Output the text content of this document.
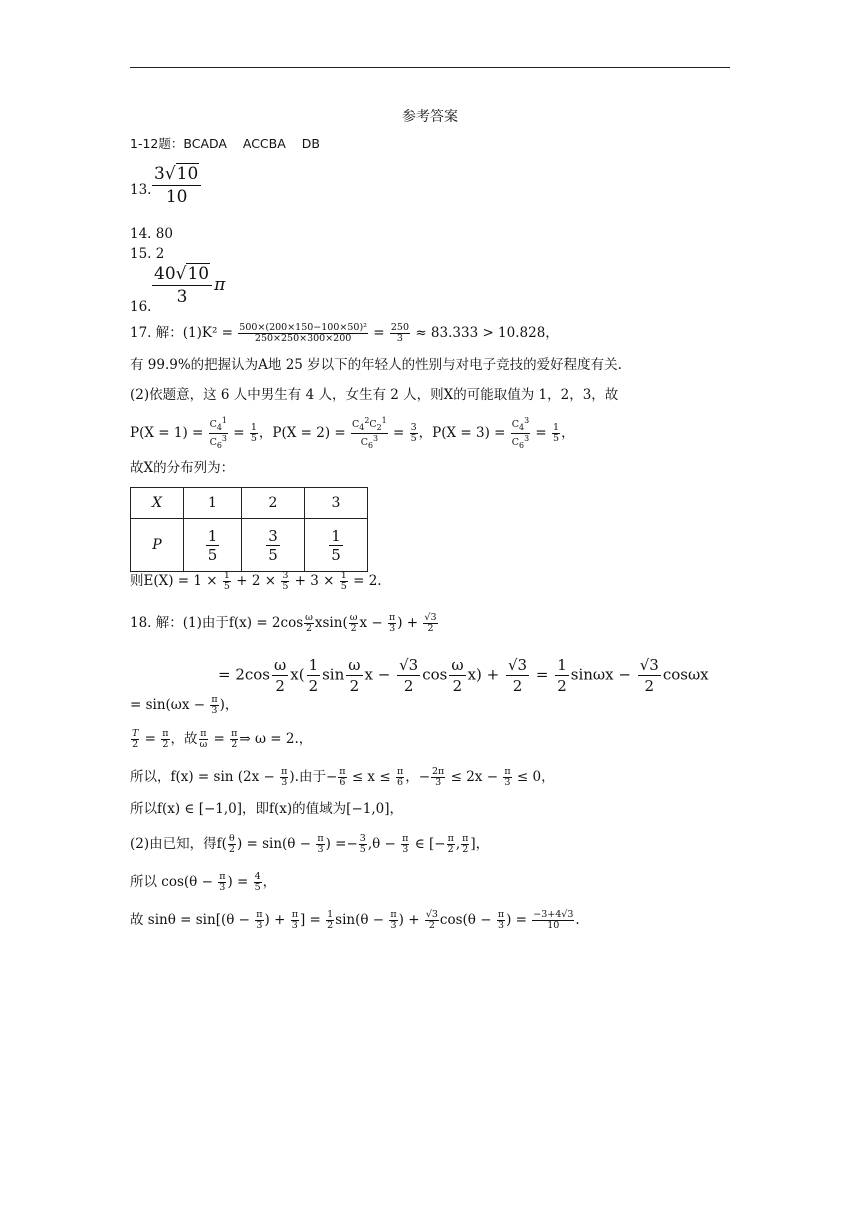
参考答案
1-12题：BCADA ACCBA DB
13. $\frac{3√10}{10}$
14. 80
15. 2
$\frac{40√10}{3}$ π
16.
17. 解：$(1)K^2 = \frac{\text{500×(200×150−100×50)²}}{250\times 250\times 300\times 200} = \frac{250}{3} \approx 83.333 > 10.828$，
有 99.9%的把握认为A地 25 岁以下的年轻人的性别与对电子竞技的爱好程度有关.
(2)依题意，这 6 人中男生有 4 人，女生有 2 人，则X的可能取值为 1，2，3，故
$P(X = 1) = \frac{C_4^1}{C_6^3} = \frac{1}{5}$ ，$P(X = 2) = \frac{C_4^2C_2^1}{C_6^3} = \frac{3}{5}$ ，$P(X = 3) = \frac{C_4^3}{C_6^3} = \frac{1}{5}$ ，
故X的分布列为：
X	1	2	3
P	$\frac{1}{5}$	$\frac{3}{5}$	$\frac{1}{5}$
则$E(X) = 1 \times \frac{1}{5} + 2 \times \frac{3}{5} + 3 \times \frac{1}{5} = 2$.
18. 解：(1)由于$f(x) = 2\cos \frac{\omega}{2} xsin( \frac{\omega}{2}$ $x - \frac{\pi}{3}$ ) + $\frac{√3}{2}$
= $2\cos \frac{\omega}{2} x( \frac{1}{2}$ $\sin \frac{\omega}{2}$ $x - \frac{√3}{2}$ $\cos \frac{\omega}{2} x) + \frac{√3}{2} = \frac{1}{2}$ $\sin\omega x - \frac{√3}{2}$ cosωx
= $\sin(\omega x - \frac{\pi}{3}$ )，
$\frac{T}{2} = \frac{\pi}{2}$ ，故 $\frac{\pi}{\omega} = \frac{\pi}{2}$ ⇒ ω = 2.，
所以，$f(x) = \sin (2x - \frac{\pi}{3}$ ).由于− $\frac{\pi}{6} \le x \le \frac{\pi}{6}$ ，− $\frac{2\pi}{3} \le 2x - \frac{\pi}{3} \le 0$，
所以f(x) ∈ [−1,0]，即f(x)的值域为[−1,0]，
(2)由已知，得$f( \frac{\theta}{2}$ ) = $\sin(\theta - \frac{\pi}{3}$ ) =− $\frac{3}{5} ,\theta - \frac{\pi}{3}$ ∈ [− $\frac{\pi}{2}$ , $\frac{\pi}{2}$ ]，
所以 $\cos(\theta - \frac{\pi}{3}$ ) = $\frac{4}{5}$ ，
故 $\sin\theta = \sin[(\theta - \frac{\pi}{3}$ ) + $\frac{\pi}{3}$ ] = $\frac{1}{2} \sin(\theta - \frac{\pi}{3}$ ) + $\frac{√3}{2} \cos(\theta - \frac{\pi}{3}$ ) = $\frac{-3+4√3}{10}$ .
